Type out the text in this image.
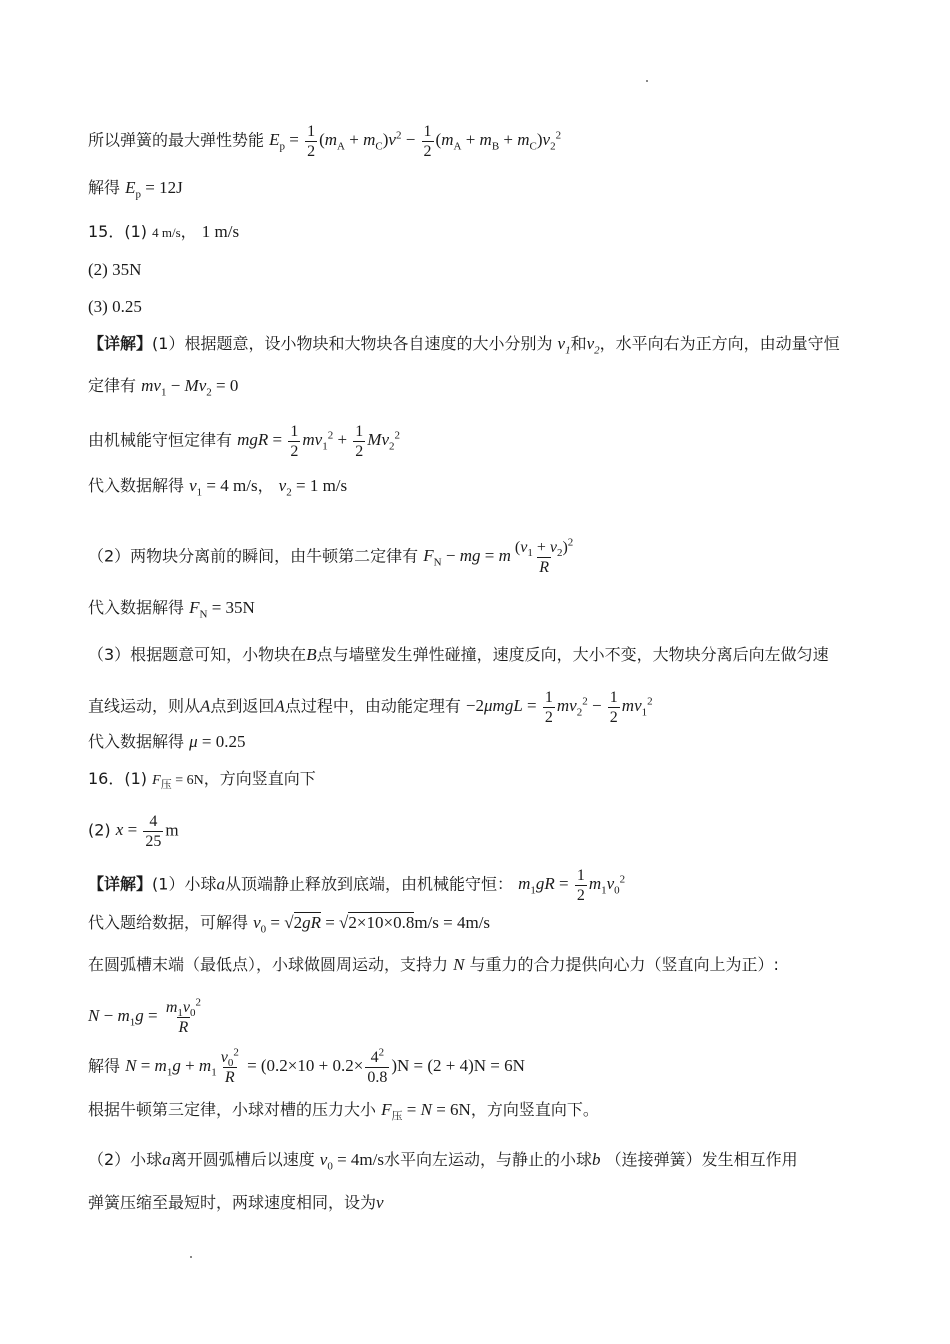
所以弹簧的最大弹性势能 $E_p = \frac{1}{2} (m_A + m_C)v^2 - \frac{1}{2} (m_A + m_B + m_C)v_2^2$
解得 $E_p = 12J$
15．(1) 4 m/s， 1 m/s
(2) 35N
(3) 0.25
【详解】(1）根据题意，设小物块和大物块各自速度的大小分别为 $v_1$和$v_2$，水平向右为正方向，由动量守恒
定律有 $mv_1 - Mv_2 = 0$
由机械能守恒定律有 mgR = $\frac{1}{2} mv_1^2 + \frac{1}{2} Mv_2^2$
代入数据解得 $v_1 = 4$ m/s， $v_2 = 1$ m/s
（2）两物块分离前的瞬间，由牛顿第二定律有 $F_N$ − mg = m $\frac{(v_1 + v_2)^2}{R}$
代入数据解得 $F_N = 35N$
（3）根据题意可知，小物块在B点与墙壁发生弹性碰撞，速度反向，大小不变，大物块分离后向左做匀速
直线运动，则从A点到返回A点过程中，由动能定理有 $-2\mu mgL = \frac{1}{2} mv_2^2 - \frac{1}{2} mv_1^2$
代入数据解得 μ = 0.25
16．(1) $F_压 = 6N$，方向竖直向下
(2) $x = \frac{4}{25}$ m
【详解】(1）小球a从顶端静止释放到底端，由机械能守恒： $m_1gR = \frac{1}{2} m_1v_0^2$
代入题给数据，可解得 $v_0 = √2gR = √2\times 10\times 0.8m/s = 4m/s$
在圆弧槽末端（最低点），小球做圆周运动，支持力 N 与重力的合力提供向心力（竖直向上为正）:
$N - m_1g = \frac{m_1v_0^2}{R}$
解得 $N = m_1g + m_1 \frac{v_0^2}{R} = (0.2\times 10 + 0.2\times \frac{4^2}{0.8} )N = (2 + 4)N = 6N$
根据牛顿第三定律，小球对槽的压力大小 $F_压 = N = 6N$，方向竖直向下。
（2）小球a离开圆弧槽后以速度 $v_0 = 4m/s$水平向左运动，与静止的小球b （连接弹簧）发生相互作用
弹簧压缩至最短时，两球速度相同，设为v
